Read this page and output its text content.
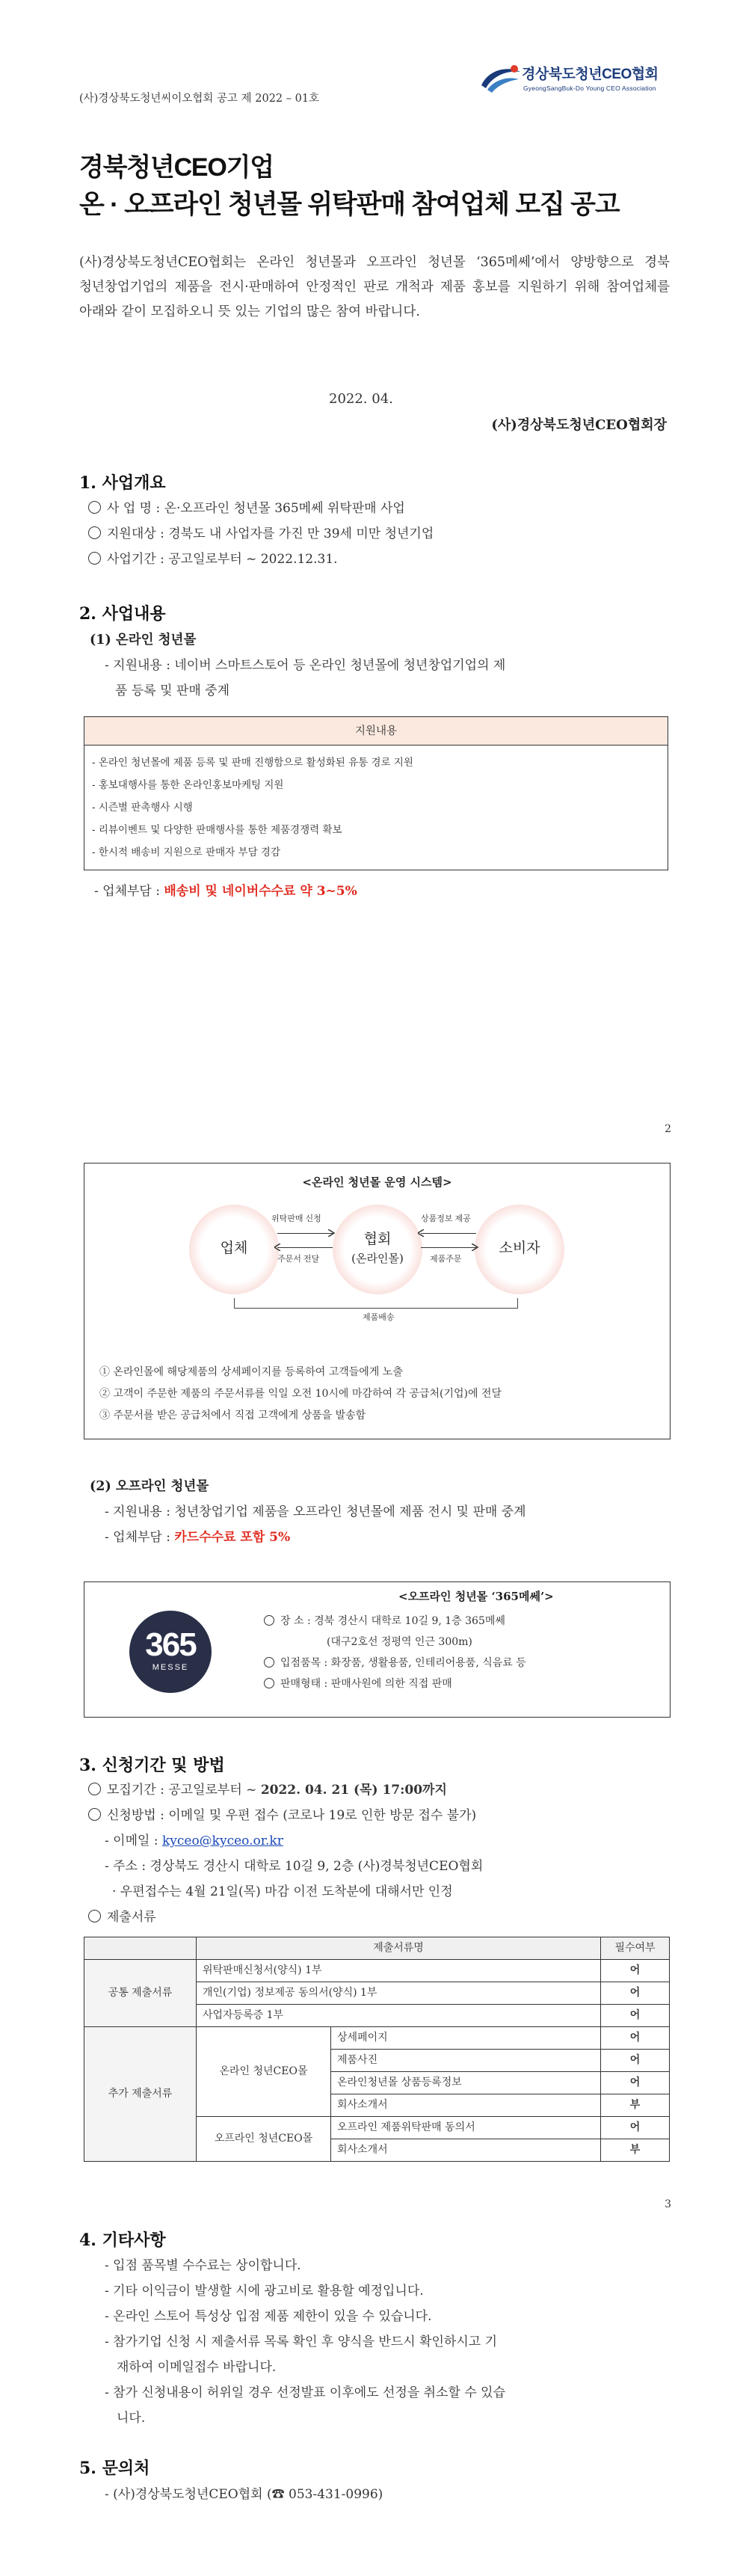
경상북도청년CEO협회
GyeongSangBuk-Do Young CEO Association
(사)경상북도청년씨이오협회 공고 제 2022 – 01호
경북청년CEO기업
온 · 오프라인 청년몰 위탁판매 참여업체 모집 공고
(사)경상북도청년CEO협회는 온라인 청년몰과 오프라인 청년몰 ‘365메쎄’에서 양방향으로 경북 청년창업기업의 제품을 전시·판매하여 안정적인 판로 개척과 제품 홍보를 지원하기 위해 참여업체를 아래와 같이 모집하오니 뜻 있는 기업의 많은 참여 바랍니다.
2022. 04.
(사)경상북도청년CEO협회장
1. 사업개요
사 업 명 : 온·오프라인 청년몰 365메쎄 위탁판매 사업
지원대상 : 경북도 내 사업자를 가진 만 39세 미만 청년기업
사업기간 : 공고일로부터 ~ 2022.12.31.
2. 사업내용
(1) 온라인 청년몰
- 지원내용 : 네이버 스마트스토어 등 온라인 청년몰에 청년창업기업의 제
품 등록 및 판매 중계
지원내용
- 온라인 청년몰에 제품 등록 및 판매 진행함으로 활성화된 유통 경로 지원
- 홍보대행사를 통한 온라인홍보마케팅 지원
- 시즌별 판촉행사 시행
- 리뷰이벤트 및 다양한 판매행사를 통한 제품경쟁력 확보
- 한시적 배송비 지원으로 판매자 부담 경감
- 업체부담 : 배송비 및 네이버수수료 약 3~5%
2
<온라인 청년몰 운영 시스템>
업체
협회
(온라인몰)
소비자
위탁판매 신청
주문서 전달
상품정보 제공
제품주문
제품배송
① 온라인몰에 해당제품의 상세페이지를 등록하여 고객들에게 노출
② 고객이 주문한 제품의 주문서류를 익일 오전 10시에 마감하여 각 공급처(기업)에 전달
③ 주문서를 받은 공급처에서 직접 고객에게 상품을 발송함
(2) 오프라인 청년몰
- 지원내용 : 청년창업기업 제품을 오프라인 청년몰에 제품 전시 및 판매 중계
- 업체부담 : 카드수수료 포함 5%
365
MESSE
<오프라인 청년몰 ‘365메쎄’>
장 소 : 경북 경산시 대학로 10길 9, 1층 365메쎄
(대구2호선 정평역 인근 300m)
입점품목 : 화장품, 생활용품, 인테리어용품, 식음료 등
판매형태 : 판매사원에 의한 직접 판매
3. 신청기간 및 방법
모집기간 : 공고일로부터 ~ 2022. 04. 21 (목) 17:00까지
신청방법 : 이메일 및 우편 접수 (코로나 19로 인한 방문 접수 불가)
- 이메일 : kyceo@kyceo.or.kr
- 주소 : 경상북도 경산시 대학로 10길 9, 2층 (사)경북청년CEO협회
· 우편접수는 4월 21일(목) 마감 이전 도착분에 대해서만 인정
제출서류
	제출서류명		필수여부
공통 제출서류	위탁판매신청서(양식) 1부		어
	개인(기업) 정보제공 동의서(양식) 1부		어
	사업자등록증 1부		어
추가 제출서류	온라인 청년CEO몰	상세페이지	어
		제품사진	어
		온라인청년몰 상품등록정보	어
		회사소개서	부
	오프라인 청년CEO몰	오프라인 제품위탁판매 동의서	어
		회사소개서	부
3
4. 기타사항
- 입점 품목별 수수료는 상이합니다.
- 기타 이익금이 발생할 시에 광고비로 활용할 예정입니다.
- 온라인 스토어 특성상 입점 제품 제한이 있을 수 있습니다.
- 참가기업 신청 시 제출서류 목록 확인 후 양식을 반드시 확인하시고 기
재하여 이메일접수 바랍니다.
- 참가 신청내용이 허위일 경우 선정발표 이후에도 선정을 취소할 수 있습
니다.
5. 문의처
- (사)경상북도청년CEO협회 (☎ 053-431-0996)
